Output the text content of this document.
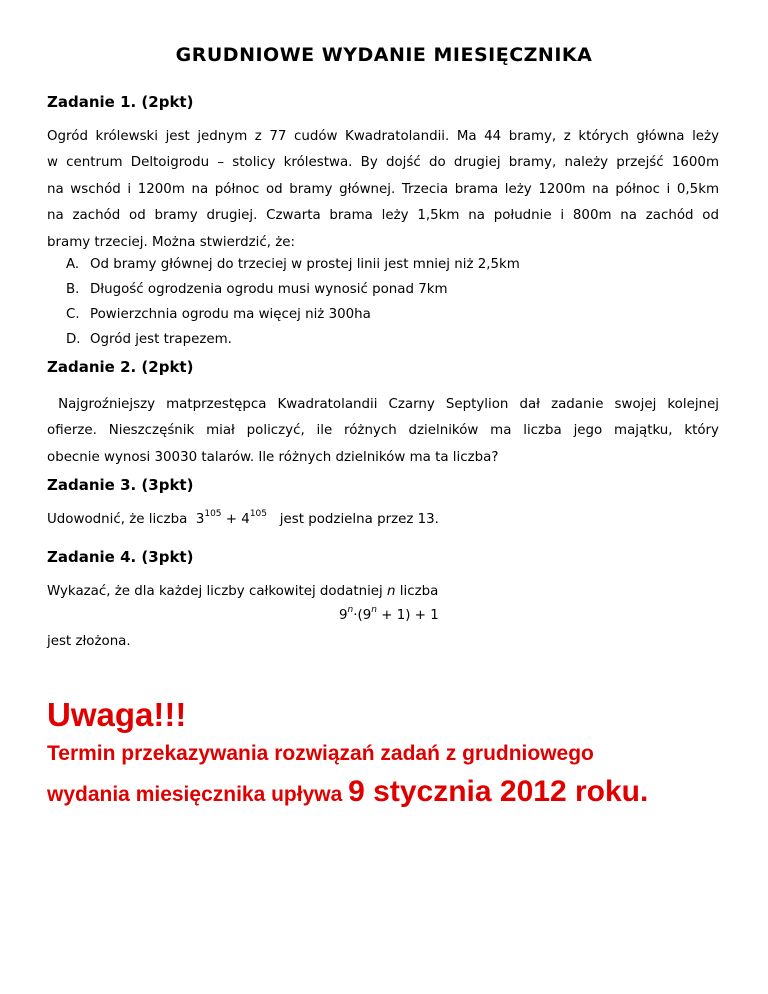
GRUDNIOWE WYDANIE MIESIĘCZNIKA
Zadanie 1. (2pkt)
Ogród królewski jest jednym z 77 cudów Kwadratolandii. Ma 44 bramy, z których główna leży
w centrum Deltoigrodu – stolicy królestwa. By dojść do drugiej bramy, należy przejść 1600m
na wschód i 1200m na północ od bramy głównej. Trzecia brama leży 1200m na północ i 0,5km
na zachód od bramy drugiej. Czwarta brama leży 1,5km na południe i 800m na zachód od
bramy trzeciej. Można stwierdzić, że:
A. Od bramy głównej do trzeciej w prostej linii jest mniej niż 2,5km
B. Długość ogrodzenia ogrodu musi wynosić ponad 7km
C. Powierzchnia ogrodu ma więcej niż 300ha
D. Ogród jest trapezem.
Zadanie 2. (2pkt)
Najgroźniejszy matprzestępca Kwadratolandii Czarny Septylion dał zadanie swojej kolejnej
ofierze. Nieszczęśnik miał policzyć, ile różnych dzielników ma liczba jego majątku, który
obecnie wynosi 30030 talarów. Ile różnych dzielników ma ta liczba?
Zadanie 3. (3pkt)
Udowodnić, że liczba $3^{105} + 4^{105}$ jest podzielna przez 13.
Zadanie 4. (3pkt)
Wykazać, że dla każdej liczby całkowitej dodatniej n liczba
$9^n\cdot(9^n + 1) + 1$
jest złożona.
Uwaga!!!
Termin przekazywania rozwiązań zadań z grudniowego
wydania miesięcznika upływa 9 stycznia 2012 roku.
